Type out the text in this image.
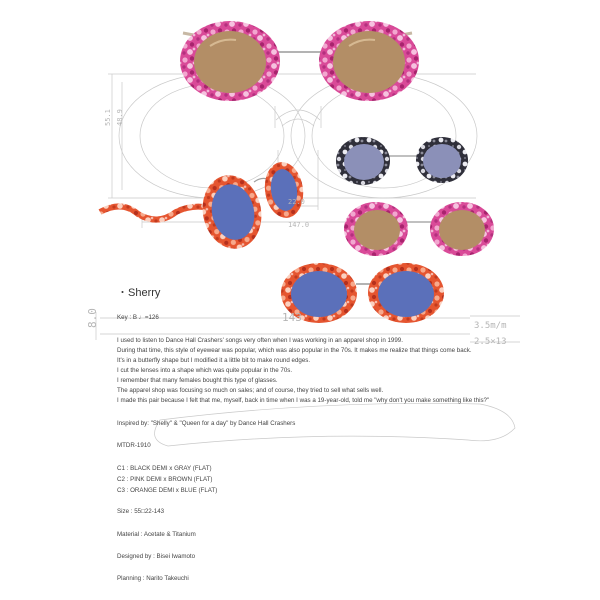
55.1 48.9
22.0
147.0
8.0	143
3.5m/m
2.5×13
・Sherry
Key : B ♩=126

I used to listen to Dance Hall Crashers' songs very often when I was working in an apparel shop in 1999.

During that time, this style of eyewear was popular, which was also popular in the 70s. It makes me realize that things come back.

It's in a butterfly shape but I modified it a little bit to make round edges.

I cut the lenses into a shape which was quite popular in the 70s.

I remember that many females bought this type of glasses.

The apparel shop was focusing so much on sales; and of course, they tried to sell what sells well.

I made this pair because I felt that me, myself, back in time when I was a 19-year-old, told me "why don't you make something like this?"

Inspired by: "Shelly" & "Queen for a day" by Dance Hall Crashers
MTDR-1910
C1 : BLACK DEMI x GRAY (FLAT)
C2 : PINK DEMI x BROWN (FLAT)
C3 : ORANGE DEMI x BLUE (FLAT)
Size : 55□22-143
Material : Acetate & Titanium
Designed by : Bisei Iwamoto
Planning : Narito Takeuchi
